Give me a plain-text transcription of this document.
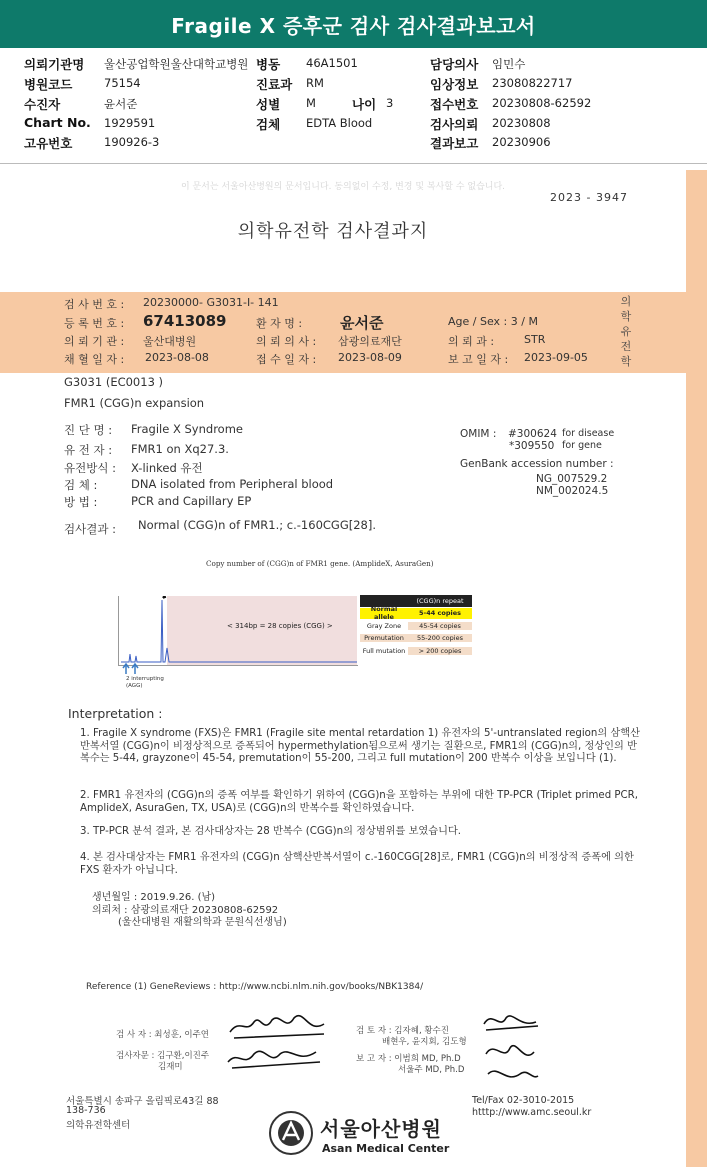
Fragile X 증후군 검사 검사결과보고서
의뢰기관명 울산공업학원울산대학교병원 병동 46A1501	담당의사 임민수
병원코드	75154	진료과 RM	임상정보 23080822717
수진자	윤서준	성별 M	나이 3	접수번호 20230808-62592
Chart No. 1929591	검체 EDTA Blood	검사의뢰 20230808
고유번호	190926-3	결과보고 20230906
이 문서는 서울아산병원의 문서입니다. 동의없이 수정, 변경 및 복사할 수 없습니다.
2023 - 3947
의학유전학 검사결과지
의학유전학
검 사 번 호 : 20230000- G3031-I- 141
등 록 번 호 : 67413089	환 자 명 :	윤서준	Age / Sex : 3 / M
의 뢰 기 관 : 울산대병원	의 뢰 의 사 : 삼광의료재단	의 뢰 과 :	STR
채 혈 일 자 : 2023-08-08	접 수 일 자 : 2023-08-09	보 고 일 자 : 2023-09-05
G3031 (EC0013 )
FMR1 (CGG)n expansion
진 단 명 : Fragile X Syndrome
유 전 자 : FMR1 on Xq27.3.
유전방식 : X-linked 유전
검 체 :	DNA isolated from Peripheral blood
방 법 :	PCR and Capillary EP
OMIM : #300624 for disease
*309550 for gene
GenBank accession number :
NG_007529.2
NM_002024.5
검사결과 : Normal (CGG)n of FMR1.; c.-160CGG[28].
Copy number of (CGG)n of FMR1 gene. (AmplideX, AsuraGen)
< 314bp = 28 copies (CGG) >
2 interrupting (AGG)
(CGG)n repeat
Normal allele	5-44 copies
Gray Zone	45-54 copies
Premutation	55-200 copies
Full mutation	> 200 copies
Interpretation :
1. Fragile X syndrome (FXS)은 FMR1 (Fragile site mental retardation 1) 유전자의 5'-untranslated region의 삼핵산반복서열 (CGG)n이 비정상적으로 증폭되어 hypermethylation됨으로써 생기는 질환으로, FMR1의 (CGG)n의, 정상인의 반복수는 5-44, grayzone이 45-54, premutation이 55-200, 그리고 full mutation이 200 반복수 이상을 보입니다 (1).
2. FMR1 유전자의 (CGG)n의 증폭 여부를 확인하기 위하여 (CGG)n을 포함하는 부위에 대한 TP-PCR (Triplet primed PCR, AmplideX, AsuraGen, TX, USA)로 (CGG)n의 반복수를 확인하였습니다.
3. TP-PCR 분석 결과, 본 검사대상자는 28 반복수 (CGG)n의 정상범위를 보였습니다.
4. 본 검사대상자는 FMR1 유전자의 (CGG)n 삼핵산반복서열이 c.-160CGG[28]로, FMR1 (CGG)n의 비정상적 증폭에 의한 FXS 환자가 아닙니다.
생년월일 : 2019.9.26. (남)
의뢰처 : 삼광의료재단 20230808-62592
(울산대병원 재활의학과 문원식선생님)
Reference (1) GeneReviews : http://www.ncbi.nlm.nih.gov/books/NBK1384/
검 사 자 : 최성훈, 이주연
검사자문 : 김구환,이진주
김재미
검 토 자 : 김자혜, 황수진
배현우, 윤지회, 김도형
보 고 자 : 이범희 MD, Ph.D
서울주 MD, Ph.D
서울특별시 송파구 올림픽로43길 88
138-736
의학유전학센터
Tel/Fax 02-3010-2015
htttp://www.amc.seoul.kr
서울아산병원
Asan Medical Center
